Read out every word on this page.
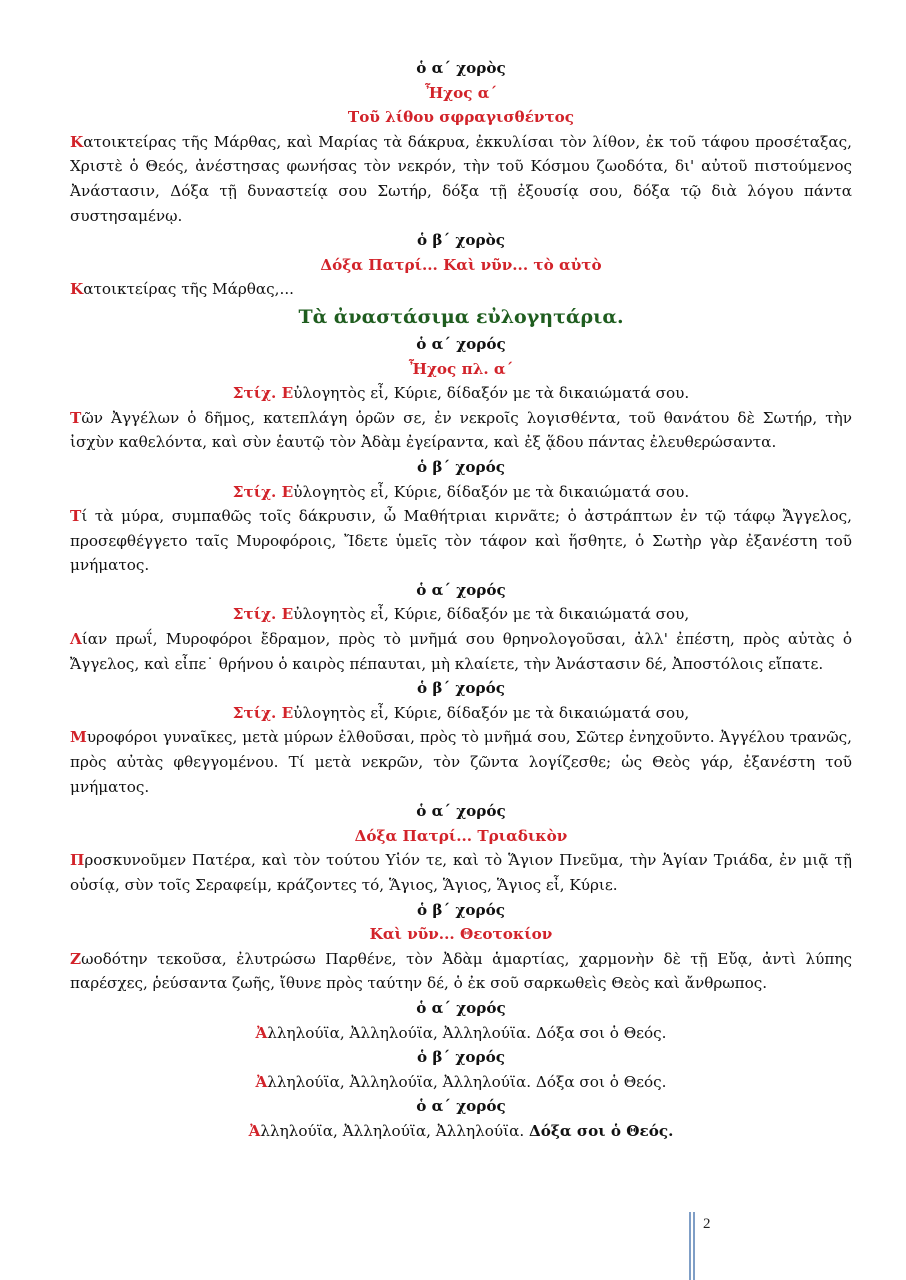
ὁ α΄ χορὸς
Ἦχος α΄
Τοῦ λίθου σφραγισθέντος
Κατοικτείρας τῆς Μάρθας, καὶ Μαρίας τὰ δάκρυα, ἐκκυλίσαι τὸν λίθον, ἐκ τοῦ τάφου προσέταξας, Χριστὲ ὁ Θεός, ἀνέστησας φωνήσας τὸν νεκρόν, τὴν τοῦ Κόσμου ζωοδότα, δι' αὐτοῦ πιστούμενος Ἀνάστασιν, Δόξα τῇ δυναστείᾳ σου Σωτήρ, δόξα τῇ ἐξουσίᾳ σου, δόξα τῷ διὰ λόγου πάντα συστησαμένῳ.
ὁ β΄ χορὸς
Δόξα Πατρί... Καὶ νῦν... τὸ αὐτὸ
Κατοικτείρας τῆς Μάρθας,...
Τὰ ἀναστάσιμα εὐλογητάρια.
ὁ α΄ χορός
Ἦχος πλ. α΄
Στίχ. Εὐλογητὸς εἶ, Κύριε, δίδαξόν με τὰ δικαιώματά σου.
Τῶν Ἀγγέλων ὁ δῆμος, κατεπλάγη ὁρῶν σε, ἐν νεκροῖς λογισθέντα, τοῦ θανάτου δὲ Σωτήρ, τὴν ἰσχὺν καθελόντα, καὶ σὺν ἑαυτῷ τὸν Ἀδὰμ ἐγείραντα, καὶ ἐξ ᾅδου πάντας ἐλευθερώσαντα.
ὁ β΄ χορός
Στίχ. Εὐλογητὸς εἶ, Κύριε, δίδαξόν με τὰ δικαιώματά σου.
Τί τὰ μύρα, συμπαθῶς τοῖς δάκρυσιν, ὦ Μαθήτριαι κιρνᾶτε; ὁ ἀστράπτων ἐν τῷ τάφῳ Ἄγγελος, προσεφθέγγετο ταῖς Μυροφόροις, Ἴδετε ὑμεῖς τὸν τάφον καὶ ἥσθητε, ὁ Σωτὴρ γὰρ ἐξανέστη τοῦ μνήματος.
ὁ α΄ χορός
Στίχ. Εὐλογητὸς εἶ, Κύριε, δίδαξόν με τὰ δικαιώματά σου,
Λίαν πρωΐ, Μυροφόροι ἔδραμον, πρὸς τὸ μνῆμά σου θρηνολογοῦσαι, ἀλλ' ἐπέστη, πρὸς αὐτὰς ὁ Ἄγγελος, καὶ εἶπε˙ θρήνου ὁ καιρὸς πέπαυται, μὴ κλαίετε, τὴν Ἀνάστασιν δέ, Ἀποστόλοις εἴπατε.
ὁ β΄ χορός
Στίχ. Εὐλογητὸς εἶ, Κύριε, δίδαξόν με τὰ δικαιώματά σου,
Μυροφόροι γυναῖκες, μετὰ μύρων ἐλθοῦσαι, πρὸς τὸ μνῆμά σου, Σῶτερ ἐνηχοῦντο. Ἀγγέλου τρανῶς, πρὸς αὐτὰς φθεγγομένου. Τί μετὰ νεκρῶν, τὸν ζῶντα λογίζεσθε; ὡς Θεὸς γάρ, ἐξανέστη τοῦ μνήματος.
ὁ α΄ χορός
Δόξα Πατρί... Τριαδικὸν
Προσκυνοῦμεν Πατέρα, καὶ τὸν τούτου Υἱόν τε, καὶ τὸ Ἅγιον Πνεῦμα, τὴν Ἁγίαν Τριάδα, ἐν μιᾷ τῇ οὐσίᾳ, σὺν τοῖς Σεραφείμ, κράζοντες τό, Ἅγιος, Ἅγιος, Ἅγιος εἶ, Κύριε.
ὁ β΄ χορός
Καὶ νῦν... Θεοτοκίον
Ζωοδότην τεκοῦσα, ἐλυτρώσω Παρθένε, τὸν Ἀδὰμ ἁμαρτίας, χαρμονὴν δὲ τῇ Εὔᾳ, ἀντὶ λύπης παρέσχες, ῥεύσαντα ζωῆς, ἴθυνε πρὸς ταύτην δέ, ὁ ἐκ σοῦ σαρκωθεὶς Θεὸς καὶ ἄνθρωπος.
ὁ α΄ χορός
Ἀλληλούϊα, Ἀλληλούϊα, Ἀλληλούϊα. Δόξα σοι ὁ Θεός.
ὁ β΄ χορός
Ἀλληλούϊα, Ἀλληλούϊα, Ἀλληλούϊα. Δόξα σοι ὁ Θεός.
ὁ α΄ χορός
Ἀλληλούϊα, Ἀλληλούϊα, Ἀλληλούϊα. Δόξα σοι ὁ Θεός.
2
